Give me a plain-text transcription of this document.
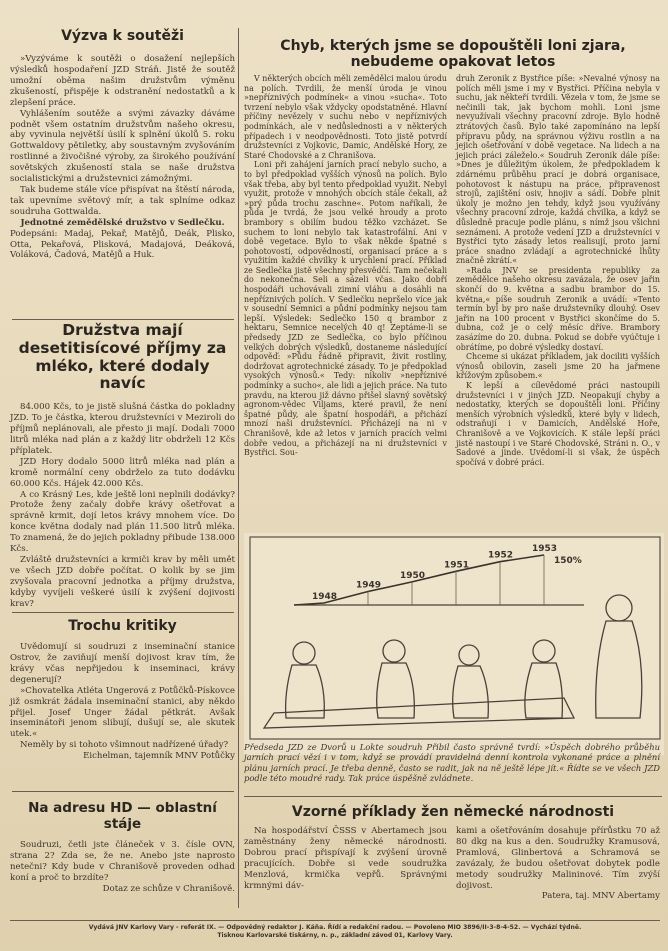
Výzva k soutěži

»Vyzýváme k soutěži o dosažení nejlepších výsledků hospodaření JZD Stráň. Jistě že soutěž umožní oběma našim družstvům výměnu zkušeností, přispěje k odstranění nedostatků a k zlepšení práce.

Vyhlášením soutěže a svými závazky dáváme podnět všem ostatním družstvům našeho okresu, aby vyvinula největší úsilí k splnění úkolů 5. roku Gottwaldovy pětiletky, aby soustavným zvyšováním rostlinné a živočišné výroby, za širokého používání sovětských zkušeností stala se naše družstva socialistickými a družstevnici zámožnými.

Tak budeme stále více přispívat na štěstí národa, tak upevníme světový mír, a tak splníme odkaz soudruha Gottwalda.

Jednotné zemědělské družstvo v Sedlečku.

Podepsáni: Madaj, Pekař, Matějů, Deák, Plisko, Otta, Pekařová, Plisková, Madajová, Deáková, Voláková, Čadová, Matějů a Huk.

Družstva mají desetitisícové příjmy za mléko, které dodaly navíc

84.000 Kčs, to je jistě slušná částka do pokladny JZD. To je částka, kterou družstevníci v Meziroli do příjmů neplánovali, ale přesto ji mají. Dodali 7000 litrů mléka nad plán a z každý litr obdrželi 12 Kčs příplatek.

JZD Hory dodalo 5000 litrů mléka nad plán a kromě normální ceny obdrželo za tuto dodávku 60.000 Kčs. Hájek 42.000 Kčs.

A co Krásný Les, kde ještě loni neplnili dodávky? Protože ženy začaly dobře krávy ošetřovat a správně krmit, dojí letos krávy mnohem více. Do konce května dodaly nad plán 11.500 litrů mléka. To znamená, že do jejich pokladny přibude 138.000 Kčs.

Zvláště družstevníci a krmiči krav by měli umět ve všech JZD dobře počítat. O kolik by se jim zvyšovala pracovní jednotka a příjmy družstva, kdyby vyvíjeli veškeré úsilí k zvýšení dojivosti krav?

Trochu kritiky

Uvědomují si soudruzi z inseminační stanice Ostrov, že zaviňují menší dojivost krav tím, že krávy včas nepřijedou k inseminaci, krávy degenerují?

»Chovatelka Atléta Ungerová z Potůčků-Pískovce již osmkrát žádala inseminační stanici, aby někdo přijel. Josef Unger žádal pětkrát. Avšak inseminátoři jenom slibují, dušují se, ale skutek utek.«

Neměly by si tohoto všimnout nadřízené úřady?

Eichelman, tajemník MNV Potůčky

Na adresu HD — oblastní stáje

Soudruzi, četli jste článeček v 3. čísle OVN, strana 2? Zda se, že ne. Anebo jste naprosto netečni? Kdy bude v Chranišově proveden odhad koní a proč to brzdíte?

Dotaz ze schůze v Chranišově.

Chyb, kterých jsme se dopouštěli loni zjara, nebudeme opakovat letos

V některých obcích měli zemědělci malou úrodu na polích. Tvrdili, že menší úroda je vinou »nepříznivých podmínek« a vinou »sucha«. Toto tvrzení nebylo však vždycky opodstatněné. Hlavní příčiny nevězely v suchu nebo v nepříznivých podmínkách, ale v nedůslednosti a v některých případech i v neodpovědnosti. Toto jistě potvrdí družstevníci z Vojkovic, Damic, Andělské Hory, ze Staré Chodovské a z Chranišova.

Loni při zahájení jarních prací nebylo sucho, a to byl předpoklad vyšších výnosů na polích. Bylo však třeba, aby byl tento předpoklad využit. Nebyl využit, protože v mnohých obcích stále čekali, až »prý půda trochu zaschne«. Potom naříkali, že půda je tvrdá, že jsou velké hroudy a proto brambory s obilím budou těžko vzcházet. Se suchem to loni nebylo tak katastrofální. Ani v době vegetace. Bylo to však někde špatné s pohotovostí, odpovědností, organisací práce a s využitím každé chvilky k urychlení prací. Příklad ze Sedlečka jistě všechny přesvědčí. Tam nečekali do nekonečna. Seli a sázeli včas. Jako dobří hospodáři uchovávali zimní vláhu a dosáhli na nepříznivých polích. V Sedlečku nepršelo více jak v sousední Semnici a půdní podmínky nejsou tam lepší. Výsledek: Sedlečko 150 q brambor z hektaru, Semnice necelých 40 q! Zeptáme-li se předsedy JZD ze Sedlečka, co bylo příčinou velkých dobrých výsledků, dostaneme následující odpověď: »Půdu řádně připravit, živit rostliny, dodržovat agrotechnické zásady. To je předpoklad vysokých výnosů.« Tedy: nikoliv »nepříznivé podmínky a sucho«, ale lidi a jejich práce. Na tuto pravdu, na kterou již dávno přišel slavný sovětský agronom-vědec Viljams, které pravil, že není špatné půdy, ale špatní hospodáři, a přichází mnozí naši družstevníci. Přicházejí na ni v Chranišově, kde až letos v jarních pracích velmi dobře vedou, a přicházejí na ni družstevníci v Bystřici. Sou-

druh Zeronik z Bystřice píše: »Nevalné výnosy na polích měli jsme i my v Bystřici. Příčina nebyla v suchu, jak někteří tvrdili. Vězela v tom, že jsme se nečinili tak, jak bychom mohli. Loni jsme nevyužívali všechny pracovní zdroje. Bylo hodně ztrátových časů. Bylo také zapomínáno na lepší přípravu půdy, na správnou výživu rostlin a na jejich ošetřování v době vegetace. Na lidech a na jejich práci záleželo.« Soudruh Zeronik dále píše: »Dnes je důležitým úkolem, že předpokladem k zdárnému průběhu prací je dobrá organisace, pohotovost k nástupu na práce, připravenost strojů, zajištění osiv, hnojiv a sádí. Dobře plnit úkoly je možno jen tehdy, když jsou využívány všechny pracovní zdroje, každá chvilka, a když se důsledně pracuje podle plánu, s nímž jsou všichni seznámeni. A protože vedení JZD a družstevníci v Bystřici tyto zásady letos realisují, proto jarní práce snadno zvládají a agrotechnické lhůty značně zkrátí.«

»Rada JNV se presidenta republiky za zemědělce našeho okresu zavázala, že osev jařin skončí do 9. května a sadbu brambor do 15. května,« píše soudruh Zeronik a uvádí: »Tento termín byl by pro naše družstevníky dlouhý. Osev jařin na 100 procent v Bystřici skončíme do 5. dubna, což je o celý měsíc dříve. Brambory zasázíme do 20. dubna. Pokud se dobře vyúčtuje i obrátíme, po dobré výsledky dostaví.

Chceme si ukázat příkladem, jak dociliti vyšších výnosů obilovin, zaseli jsme 20 ha jařmene křížovým způsobem.«

K lepší a cílevědomé práci nastoupili družstevníci i v jiných JZD. Neopakují chyby a nedostatky, kterých se dopouštěli loni. Příčiny menších výrobních výsledků, které byly v lidech, odstraňují i v Damicích, Andělské Hoře, Chranišově a ve Vojkovicích. K stále lepší práci jistě nastoupí i ve Staré Chodovské, Stráni n. O., v Sadové a jinde. Uvědomí-li si však, že úspěch spočívá v dobré práci.

1948
1949
1950
1951
1952
1953
150%

Předsedа JZD ze Dvorů u Lokte soudruh Přibil často správně tvrdí: »Úspěch dobrého průběhu jarních prací vězí i v tom, když se provádí pravidelná denní kontrola vykonané práce a plnění plánu jarních prací. Je třeba denně, často se radit, jak na ně ještě lépe jít.« Řídte se ve všech JZD podle této moudré rady. Tak práce úspěšně zvládnete.

Vzorné příklady žen německé národnosti

Na hospodářství ČSSS v Abertamech jsou zaměstnány ženy německé národnosti. Dobrou prací přispívají k zvýšení úrovně pracujících. Dobře si vede soudružka Menzlová, krmička vepřů. Správnými krmnými dáv-

kami a ošetřováním dosahuje přírůstku 70 až 80 dkg na kus a den. Soudružky Kramusová, Pramlová, Glinbertová a Schramová se zavázaly, že budou ošetřovat dobytek podle metody soudružky Malininové. Tím zvýší dojivost.

Patera, taj. MNV Abertamy

Vydává JNV Karlovy Vary - referát IX. — Odpovědný redaktor J. Káňa. Řídí a redakční radou. — Povoleno MIO 3896/II-3-8-4-52. — Vychází týdně.
Tisknou Karlovarské tiskárny, n. p., základní závod 01, Karlovy Vary.
